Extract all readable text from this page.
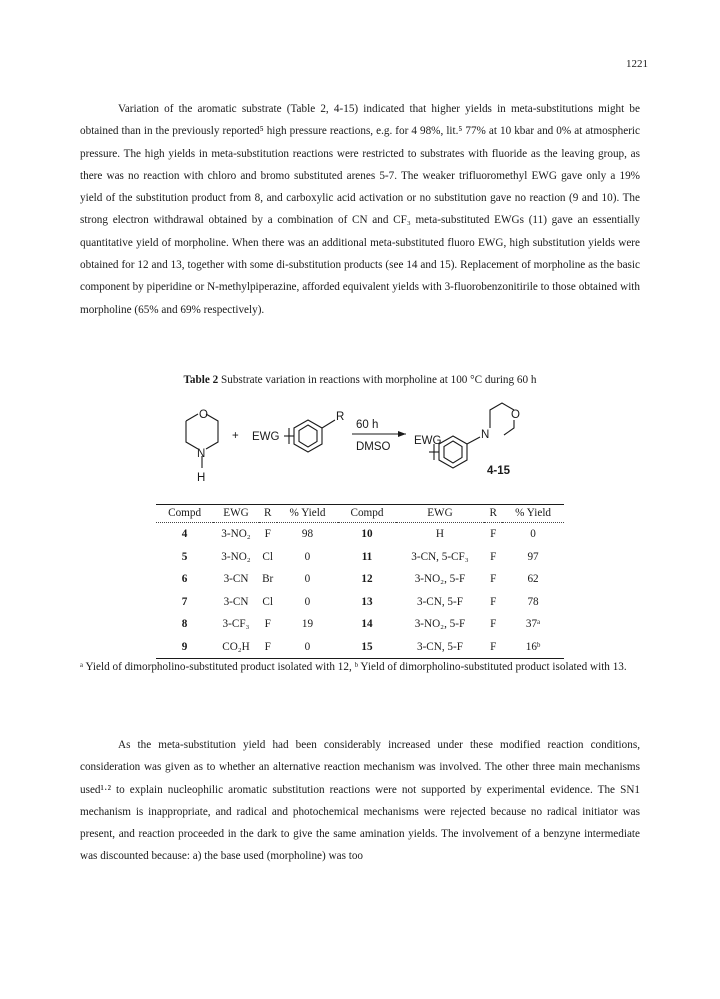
1221
Variation of the aromatic substrate (Table 2, 4-15) indicated that higher yields in meta-substitutions might be obtained than in the previously reported⁵ high pressure reactions, e.g. for 4 98%, lit.⁵ 77% at 10 kbar and 0% at atmospheric pressure. The high yields in meta-substitution reactions were restricted to substrates with fluoride as the leaving group, as there was no reaction with chloro and bromo substituted arenes 5-7. The weaker trifluoromethyl EWG gave only a 19% yield of the substitution product from 8, and carboxylic acid activation or no substitution gave no reaction (9 and 10). The strong electron withdrawal obtained by a combination of CN and CF₃ meta-substituted EWGs (11) gave an essentially quantitative yield of morpholine. When there was an additional meta-substituted fluoro EWG, high substitution yields were obtained for 12 and 13, together with some di-substitution products (see 14 and 15). Replacement of morpholine as the basic component by piperidine or N-methylpiperazine, afforded equivalent yields with 3-fluorobenzonitirile to those obtained with morpholine (65% and 69% respectively).
Table 2 Substrate variation in reactions with morpholine at 100 °C during 60 h
O
N
H
+ EWG
R
60 h
DMSO EWG	N
O
4-15
Compd	EWG	R	% Yield	Compd	EWG	R	% Yield
4	3-NO₂	F	98	10	H	F	0
5	3-NO₂	Cl	0	11	3-CN, 5-CF₃	F	97
6	3-CN	Br	0	12	3-NO₂, 5-F	F	62
7	3-CN	Cl	0	13	3-CN, 5-F	F	78
8	3-CF₃	F	19	14	3-NO₂, 5-F	F	37ᵃ
9	CO₂H	F	0	15	3-CN, 5-F	F	16ᵇ
ᵃ Yield of dimorpholino-substituted product isolated with 12, ᵇ Yield of dimorpholino-substituted product isolated with 13.
As the meta-substitution yield had been considerably increased under these modified reaction conditions, consideration was given as to whether an alternative reaction mechanism was involved. The other three main mechanisms used¹·² to explain nucleophilic aromatic substitution reactions were not supported by experimental evidence. The SN1 mechanism is inappropriate, and radical and photochemical mechanisms were rejected because no radical initiator was present, and reaction proceeded in the dark to give the same amination yields. The involvement of a benzyne intermediate was discounted because: a) the base used (morpholine) was too
